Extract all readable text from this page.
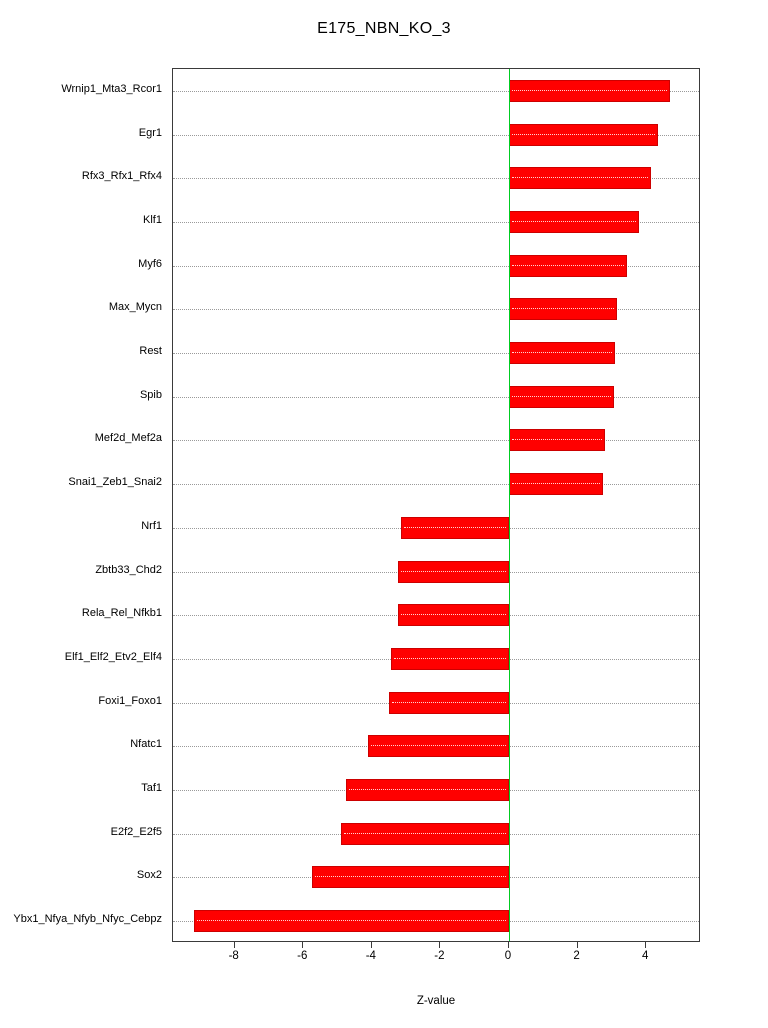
E175_NBN_KO_3
-8	-6	-4	-2	0	2	4
Wrnip1_Mta3_Rcor1
Egr1
Rfx3_Rfx1_Rfx4
Klf1
Myf6
Max_Mycn
Rest
Spib
Mef2d_Mef2a
Snai1_Zeb1_Snai2
Nrf1
Zbtb33_Chd2
Rela_Rel_Nfkb1
Elf1_Elf2_Etv2_Elf4
Foxi1_Foxo1
Nfatc1
Taf1
E2f2_E2f5
Sox2
Ybx1_Nfya_Nfyb_Nfyc_Cebpz
Z-value
